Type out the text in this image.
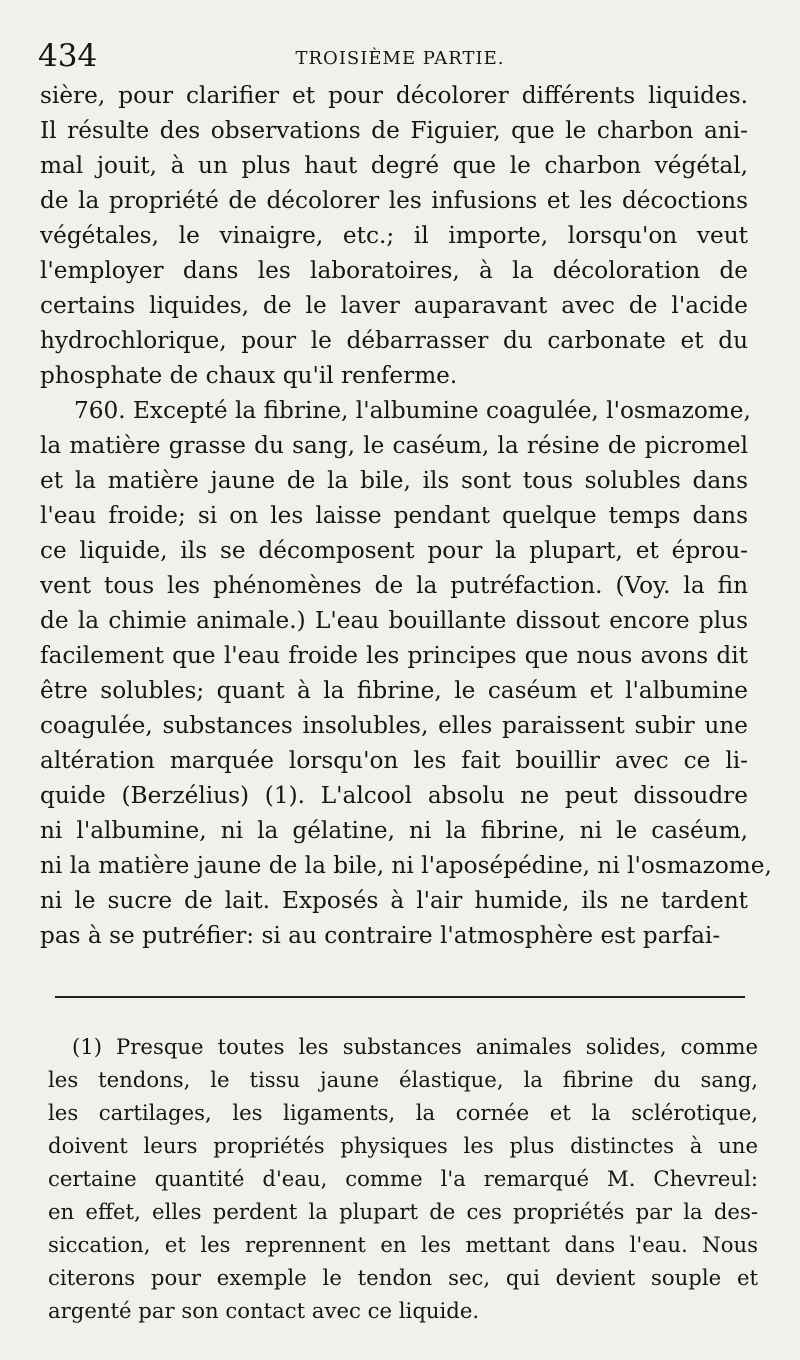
434	TROISIÈME PARTIE.
sière, pour clarifier et pour décolorer différents liquides.
Il résulte des observations de Figuier, que le charbon ani-
mal jouit, à un plus haut degré que le charbon végétal,
de la propriété de décolorer les infusions et les décoctions
végétales, le vinaigre, etc.; il importe, lorsqu'on veut
l'employer dans les laboratoires, à la décoloration de
certains liquides, de le laver auparavant avec de l'acide
hydrochlorique, pour le débarrasser du carbonate et du
phosphate de chaux qu'il renferme.
760. Excepté la fibrine, l'albumine coagulée, l'osmazome,
la matière grasse du sang, le caséum, la résine de picromel
et la matière jaune de la bile, ils sont tous solubles dans
l'eau froide; si on les laisse pendant quelque temps dans
ce liquide, ils se décomposent pour la plupart, et éprou-
vent tous les phénomènes de la putréfaction. (Voy. la fin
de la chimie animale.) L'eau bouillante dissout encore plus
facilement que l'eau froide les principes que nous avons dit
être solubles; quant à la fibrine, le caséum et l'albumine
coagulée, substances insolubles, elles paraissent subir une
altération marquée lorsqu'on les fait bouillir avec ce li-
quide (Berzélius) (1). L'alcool absolu ne peut dissoudre
ni l'albumine, ni la gélatine, ni la fibrine, ni le caséum,
ni la matière jaune de la bile, ni l'aposépédine, ni l'osmazome,
ni le sucre de lait. Exposés à l'air humide, ils ne tardent
pas à se putréfier: si au contraire l'atmosphère est parfai-
(1) Presque toutes les substances animales solides, comme
les tendons, le tissu jaune élastique, la fibrine du sang,
les cartilages, les ligaments, la cornée et la sclérotique,
doivent leurs propriétés physiques les plus distinctes à une
certaine quantité d'eau, comme l'a remarqué M. Chevreul:
en effet, elles perdent la plupart de ces propriétés par la des-
siccation, et les reprennent en les mettant dans l'eau. Nous
citerons pour exemple le tendon sec, qui devient souple et
argenté par son contact avec ce liquide.
